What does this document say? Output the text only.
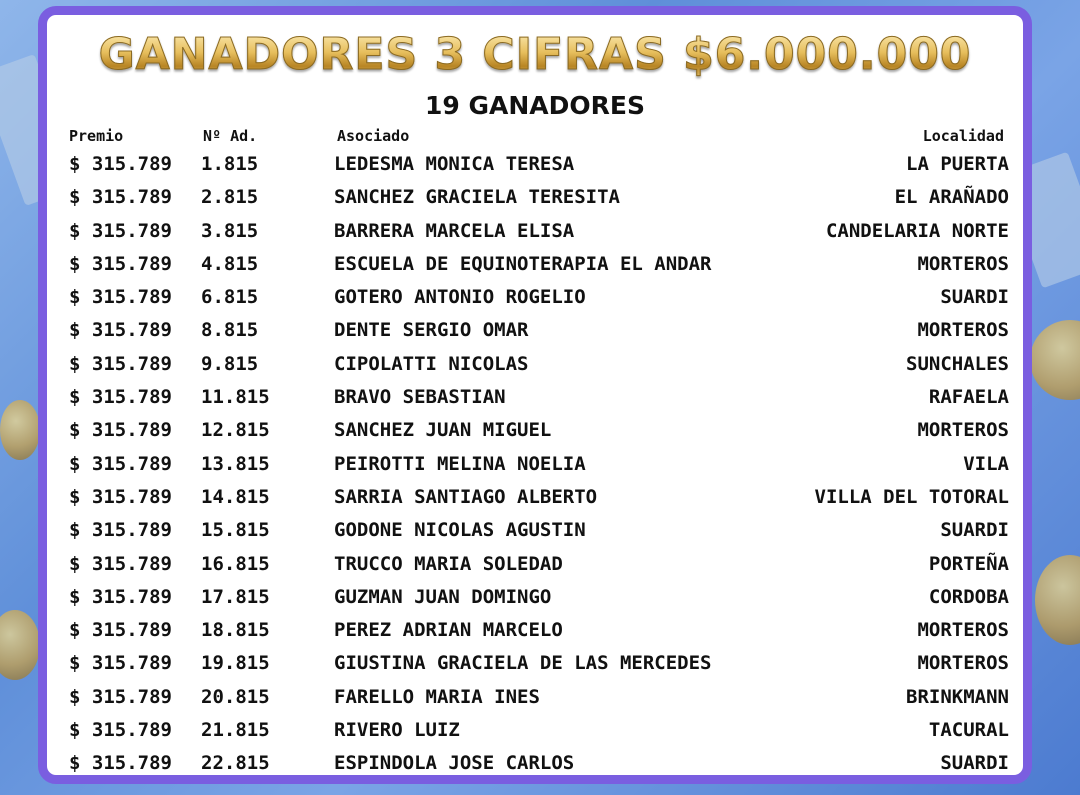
GANADORES 3 CIFRAS $6.000.000
19 GANADORES
Premio	Nº Ad.	Asociado	Localidad
$ 315.789 1.815	LEDESMA MONICA TERESA	LA PUERTA
$ 315.789 2.815	SANCHEZ GRACIELA TERESITA	EL ARAÑADO
$ 315.789 3.815	BARRERA MARCELA ELISA	CANDELARIA NORTE
$ 315.789 4.815	ESCUELA DE EQUINOTERAPIA EL ANDAR	MORTEROS
$ 315.789 6.815	GOTERO ANTONIO ROGELIO	SUARDI
$ 315.789 8.815	DENTE SERGIO OMAR	MORTEROS
$ 315.789 9.815	CIPOLATTI NICOLAS	SUNCHALES
$ 315.789 11.815	BRAVO SEBASTIAN	RAFAELA
$ 315.789 12.815	SANCHEZ JUAN MIGUEL	MORTEROS
$ 315.789 13.815	PEIROTTI MELINA NOELIA	VILA
$ 315.789 14.815	SARRIA SANTIAGO ALBERTO	VILLA DEL TOTORAL
$ 315.789 15.815	GODONE NICOLAS AGUSTIN	SUARDI
$ 315.789 16.815	TRUCCO MARIA SOLEDAD	PORTEÑA
$ 315.789 17.815	GUZMAN JUAN DOMINGO	CORDOBA
$ 315.789 18.815	PEREZ ADRIAN MARCELO	MORTEROS
$ 315.789 19.815	GIUSTINA GRACIELA DE LAS MERCEDES	MORTEROS
$ 315.789 20.815	FARELLO MARIA INES	BRINKMANN
$ 315.789 21.815	RIVERO LUIZ	TACURAL
$ 315.789 22.815	ESPINDOLA JOSE CARLOS	SUARDI
